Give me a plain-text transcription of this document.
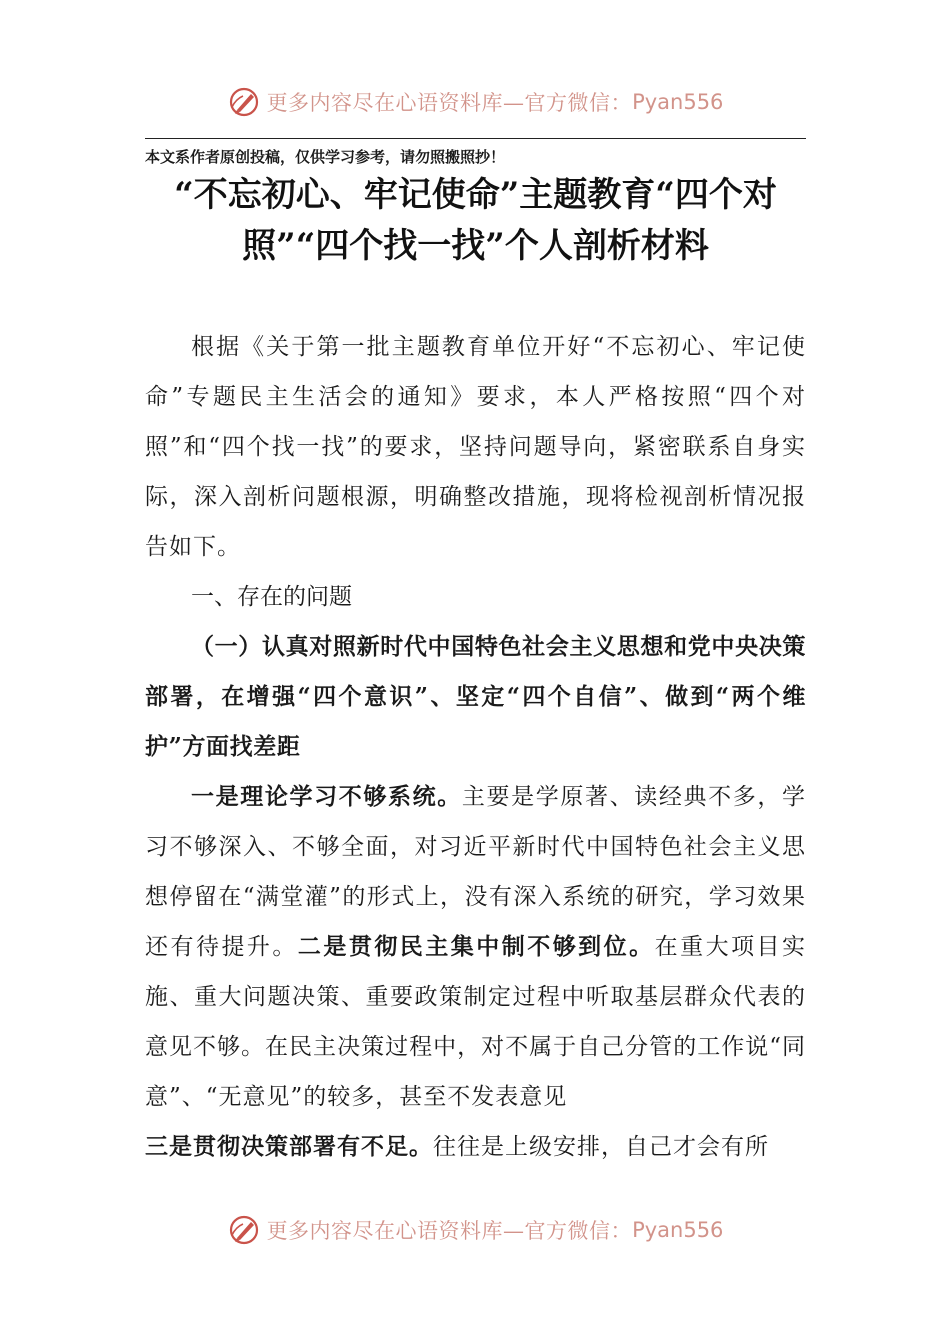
更多内容尽在心语资料库—官方微信： Pyan556
本文系作者原创投稿，仅供学习参考，请勿照搬照抄！
“不忘初心、牢记使命”主题教育“四个对
照”“四个找一找”个人剖析材料

根据《关于第一批主题教育单位开好“不忘初心、牢记使命”专题民主生活会的通知》要求，本人严格按照“四个对照”和“四个找一找”的要求，坚持问题导向，紧密联系自身实际，深入剖析问题根源，明确整改措施，现将检视剖析情况报告如下。

一、存在的问题

（一）认真对照新时代中国特色社会主义思想和党中央决策部署，在增强“四个意识”、坚定“四个自信”、做到“两个维护”方面找差距

一是理论学习不够系统。主要是学原著、读经典不多，学习不够深入、不够全面，对习近平新时代中国特色社会主义思想停留在“满堂灌”的形式上，没有深入系统的研究，学习效果还有待提升。二是贯彻民主集中制不够到位。在重大项目实施、重大问题决策、重要政策制定过程中听取基层群众代表的意见不够。在民主决策过程中，对不属于自己分管的工作说“同意”、“无意见”的较多，甚至不发表意见

三是贯彻决策部署有不足。往往是上级安排，自己才会有所

更多内容尽在心语资料库—官方微信： Pyan556
